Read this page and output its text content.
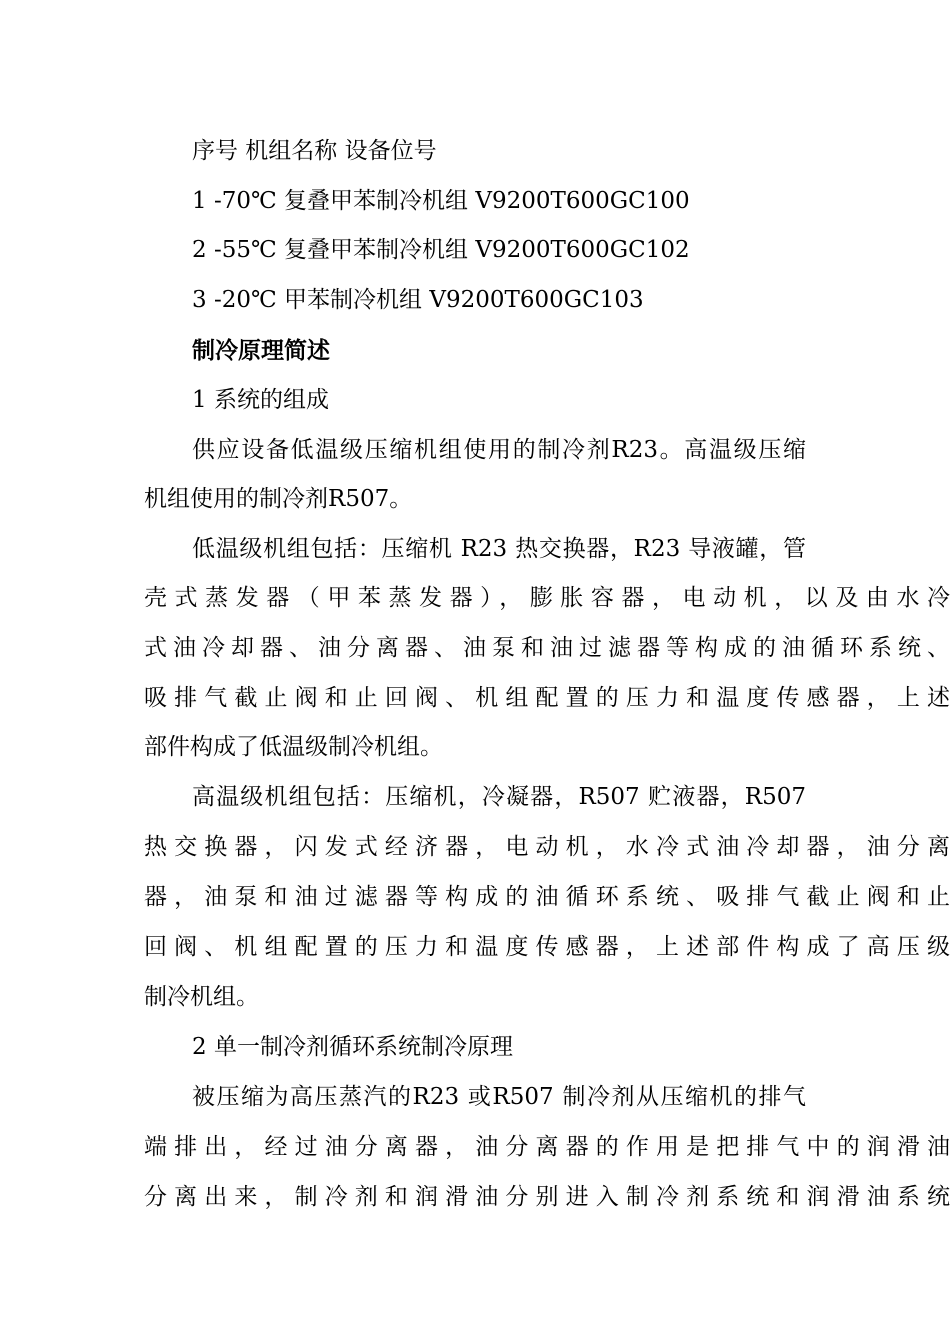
序号 机组名称 设备位号
1 -70℃ 复叠甲苯制冷机组 V9200T600GC100
2 -55℃ 复叠甲苯制冷机组 V9200T600GC102
3 -20℃ 甲苯制冷机组 V9200T600GC103
制冷原理简述
1 系统的组成
供应设备低温级压缩机组使用的制冷剂R23。高温级压缩
机组使用的制冷剂R507。
低温级机组包括：压缩机 R23 热交换器，R23 导液罐，管
壳式蒸发器（甲苯蒸发器），膨胀容器，电动机，以及由水冷
式油冷却器、油分离器、油泵和油过滤器等构成的油循环系统、
吸排气截止阀和止回阀、机组配置的压力和温度传感器，上述
部件构成了低温级制冷机组。
高温级机组包括：压缩机，冷凝器，R507 贮液器，R507
热交换器，闪发式经济器，电动机，水冷式油冷却器，油分离
器，油泵和油过滤器等构成的油循环系统、吸排气截止阀和止
回阀、机组配置的压力和温度传感器，上述部件构成了高压级
制冷机组。
2 单一制冷剂循环系统制冷原理
被压缩为高压蒸汽的R23 或R507 制冷剂从压缩机的排气
端排出，经过油分离器，油分离器的作用是把排气中的润滑油
分离出来，制冷剂和润滑油分别进入制冷剂系统和润滑油系统
